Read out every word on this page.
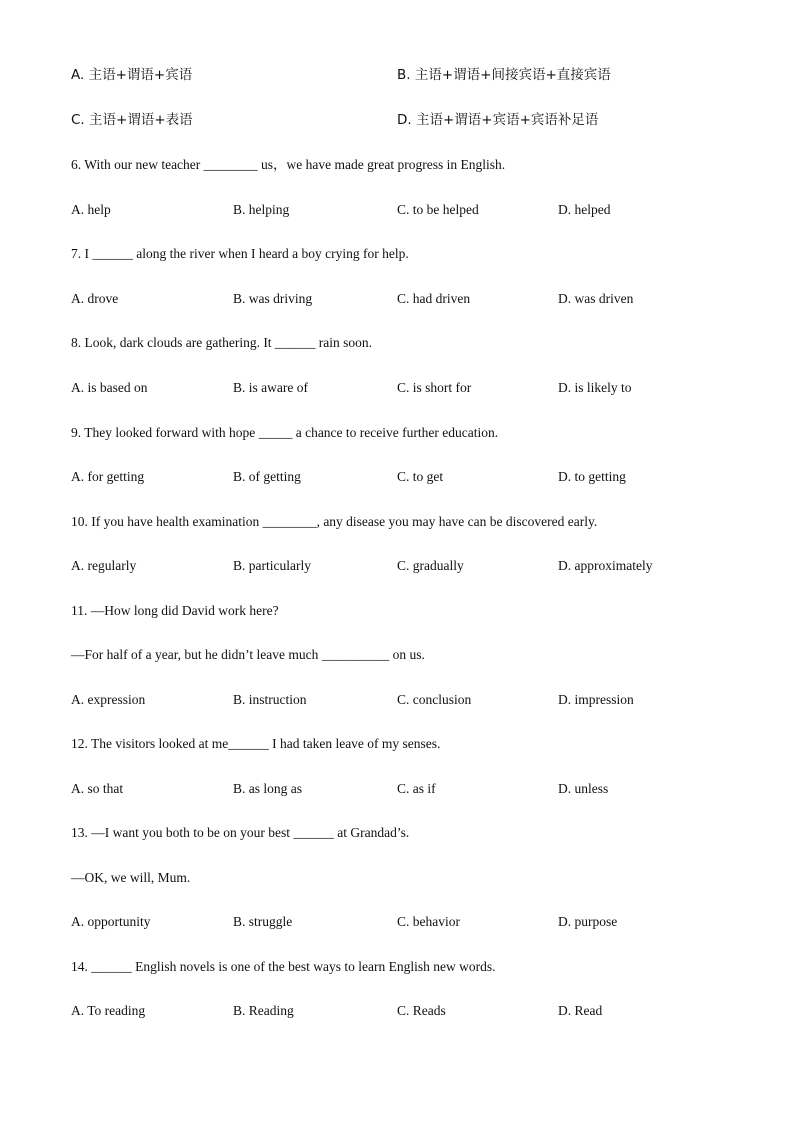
A. 主语+谓语+宾语	B. 主语+谓语+间接宾语+直接宾语
C. 主语+谓语+表语	D. 主语+谓语+宾语+宾语补足语
6. With our new teacher ________ us，we have made great progress in English.
A. help	B. helping	C. to be helped	D. helped
7. I ______ along the river when I heard a boy crying for help.
A. drove	B. was driving	C. had driven	D. was driven
8. Look, dark clouds are gathering. It ______ rain soon.
A. is based on	B. is aware of	C. is short for	D. is likely to
9. They looked forward with hope _____ a chance to receive further education.
A. for getting	B. of getting	C. to get	D. to getting
10. If you have health examination ________, any disease you may have can be discovered early.
A. regularly	B. particularly	C. gradually	D. approximately
11. —How long did David work here?
—For half of a year, but he didn’t leave much __________ on us.
A. expression	B. instruction	C. conclusion	D. impression
12. The visitors looked at me______ I had taken leave of my senses.
A. so that	B. as long as	C. as if	D. unless
13. —I want you both to be on your best ______ at Grandad’s.
—OK, we will, Mum.
A. opportunity	B. struggle	C. behavior	D. purpose
14. ______ English novels is one of the best ways to learn English new words.
A. To reading	B. Reading	C. Reads	D. Read
